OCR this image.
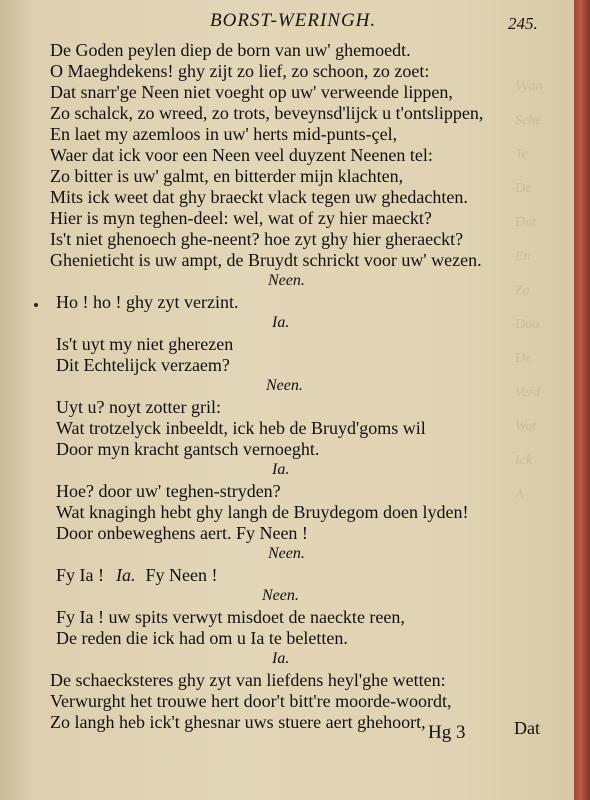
Vyan
Sche
Te
De
Dat
En
Zo
Doo
De
Verd
Wat
Ick
A
BORST-WERINGH.	245.
De Goden peylen diep de born van uw' ghemoedt.
O Maeghdekens! ghy zijt zo lief, zo schoon, zo zoet:
Dat snarr'ge Neen niet voeght op uw' verweende lippen,
Zo schalck, zo wreed, zo trots, beveynsd'lijck u t'ontslippen,
En laet my azemloos in uw' herts mid-punts-çel,
Waer dat ick voor een Neen veel duyzent Neenen tel:
Zo bitter is uw' galmt, en bitterder mijn klachten,
Mits ick weet dat ghy braeckt vlack tegen uw ghedachten.
Hier is myn teghen-deel: wel, wat of zy hier maeckt?
Is't niet ghenoech ghe-neent? hoe zyt ghy hier gheraeckt?
Ghenieticht is uw ampt, de Bruydt schrickt voor uw' wezen.
Neen.
Ho ! ho ! ghy zyt verzint.
Ia.
Is't uyt my niet gherezen
Dit Echtelijck verzaem?
Neen.
Uyt u? noyt zotter gril:
Wat trotzelyck inbeeldt, ick heb de Bruyd'goms wil
Door myn kracht gantsch vernoeght.
Ia.
Hoe? door uw' teghen-stryden?
Wat knagingh hebt ghy langh de Bruydegom doen lyden!
Door onbeweghens aert. Fy Neen !
Neen.
Fy Ia ! Ia. Fy Neen !
Neen.
Fy Ia ! uw spits verwyt misdoet de naeckte reen,
De reden die ick had om u Ia te beletten.
Ia.
De schaecksteres ghy zyt van liefdens heyl'ghe wetten:
Verwurght het trouwe hert door't bitt're moorde-woordt,
Zo langh heb ick't ghesnar uws stuere aert ghehoort, Hg 3	Dat
